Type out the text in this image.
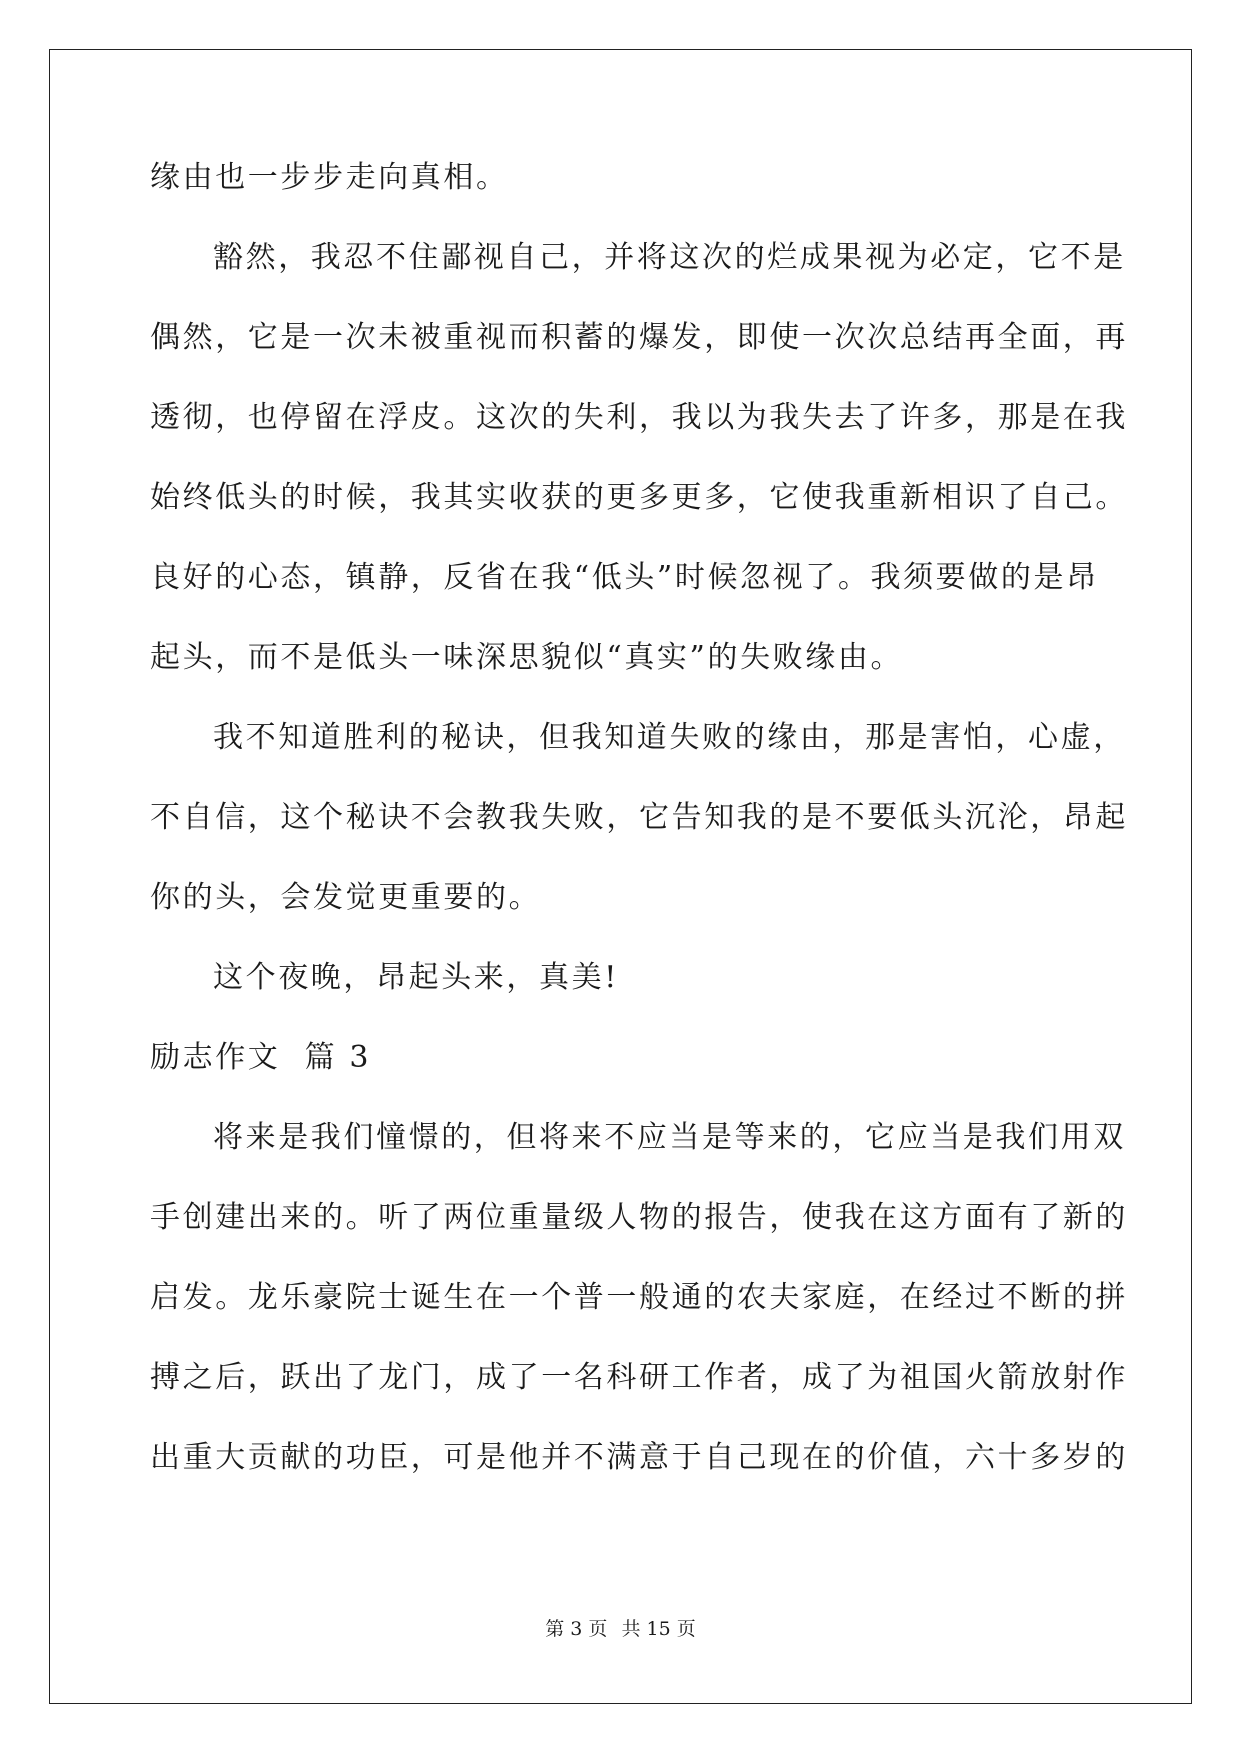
缘由也一步步走向真相。
豁然，我忍不住鄙视自己，并将这次的烂成果视为必定，它不是
偶然，它是一次未被重视而积蓄的爆发，即使一次次总结再全面，再
透彻，也停留在浮皮。这次的失利，我以为我失去了许多，那是在我
始终低头的时候，我其实收获的更多更多，它使我重新相识了自己。
良好的心态，镇静，反省在我“低头”时候忽视了。我须要做的是昂
起头，而不是低头一味深思貌似“真实”的失败缘由。
我不知道胜利的秘诀，但我知道失败的缘由，那是害怕，心虚，
不自信，这个秘诀不会教我失败，它告知我的是不要低头沉沦，昂起
你的头，会发觉更重要的。
这个夜晚，昂起头来，真美!
励志作文  篇 3
将来是我们憧憬的，但将来不应当是等来的，它应当是我们用双
手创建出来的。听了两位重量级人物的报告，使我在这方面有了新的
启发。龙乐豪院士诞生在一个普一般通的农夫家庭，在经过不断的拼
搏之后，跃出了龙门，成了一名科研工作者，成了为祖国火箭放射作
出重大贡献的功臣，可是他并不满意于自己现在的价值，六十多岁的
第 3 页 共 15 页
